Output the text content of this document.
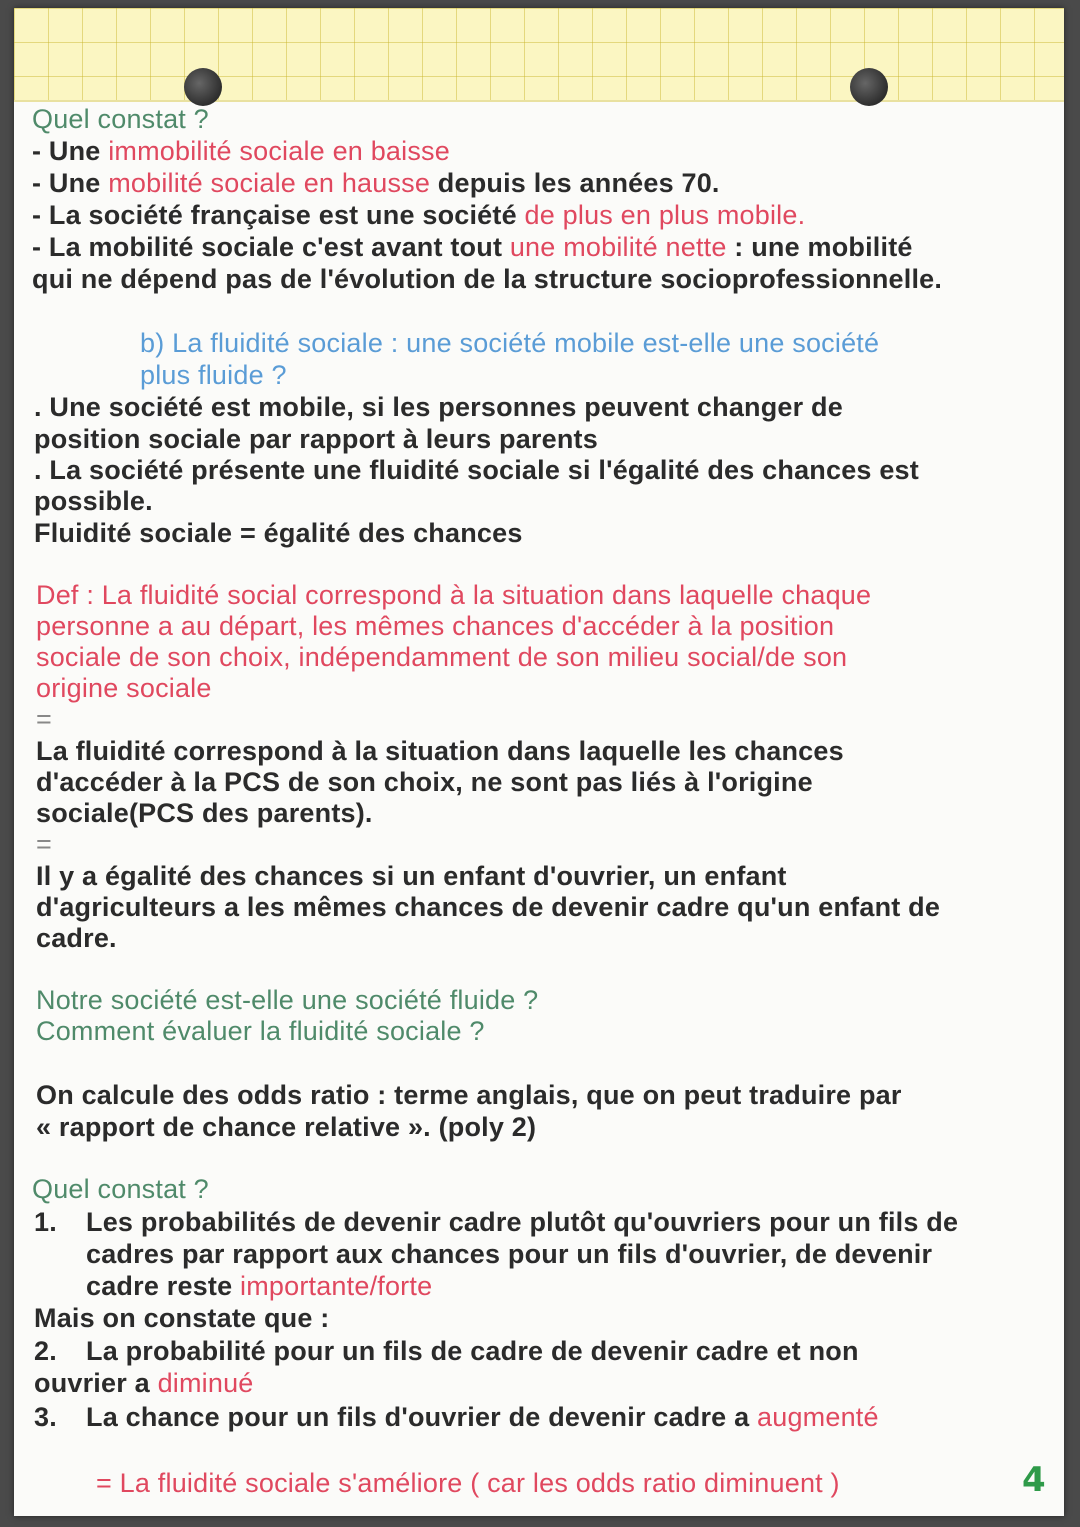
Quel constat ?
- Une immobilité sociale en baisse
- Une mobilité sociale en hausse depuis les années 70.
- La société française est une société de plus en plus mobile.
- La mobilité sociale c'est avant tout une mobilité nette : une mobilité
qui ne dépend pas de l'évolution de la structure socioprofessionnelle.
b) La fluidité sociale : une société mobile est-elle une société
plus fluide ?
. Une société est mobile, si les personnes peuvent changer de
position sociale par rapport à leurs parents
. La société présente une fluidité sociale si l'égalité des chances est
possible.
Fluidité sociale = égalité des chances
Def : La fluidité social correspond à la situation dans laquelle chaque
personne a au départ, les mêmes chances d'accéder à la position
sociale de son choix, indépendamment de son milieu social/de son
origine sociale
=
La fluidité correspond à la situation dans laquelle les chances
d'accéder à la PCS de son choix, ne sont pas liés à l'origine
sociale(PCS des parents).
=
Il y a égalité des chances si un enfant d'ouvrier, un enfant
d'agriculteurs a les mêmes chances de devenir cadre qu'un enfant de
cadre.
Notre société est-elle une société fluide ?
Comment évaluer la fluidité sociale ?
On calcule des odds ratio : terme anglais, que on peut traduire par
« rapport de chance relative ». (poly 2)
Quel constat ?
1. Les probabilités de devenir cadre plutôt qu'ouvriers pour un fils de
cadres par rapport aux chances pour un fils d'ouvrier, de devenir
cadre reste importante/forte
Mais on constate que :
2. La probabilité pour un fils de cadre de devenir cadre et non
ouvrier a diminué
3. La chance pour un fils d'ouvrier de devenir cadre a augmenté
= La fluidité sociale s'améliore ( car les odds ratio diminuent )	4
